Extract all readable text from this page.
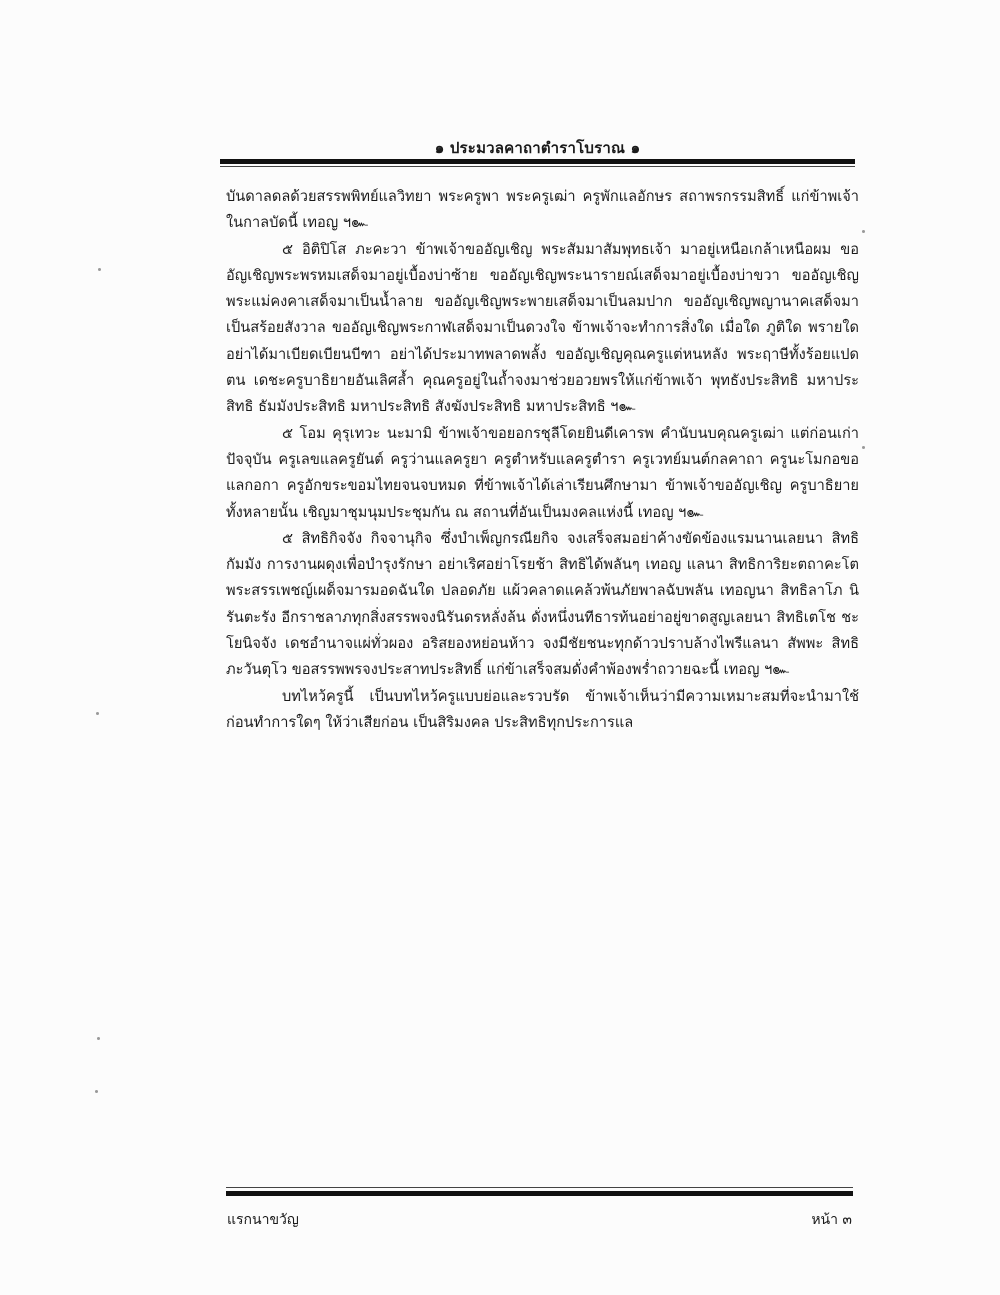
๑ ประมวลคาถาตำราโบราณ ๑

บันดาลดลด้วยสรรพพิทย์แลวิทยา พระครูพา พระครูเฒ่า ครูพักแลอักษร สถาพรกรรมสิทธิ์ แก่ข้าพเจ้าในกาลบัดนี้ เทอญ ฯ๛

๕ อิติปิโส ภะคะวา ข้าพเจ้าขออัญเชิญ พระสัมมาสัมพุทธเจ้า มาอยู่เหนือเกล้าเหนือผม ขออัญเชิญพระพรหมเสด็จมาอยู่เบื้องบ่าซ้าย ขออัญเชิญพระนารายณ์เสด็จมาอยู่เบื้องบ่าขวา ขออัญเชิญพระแม่คงคาเสด็จมาเป็นน้ำลาย ขออัญเชิญพระพายเสด็จมาเป็นลมปาก ขออัญเชิญพญานาคเสด็จมาเป็นสร้อยสังวาล ขออัญเชิญพระกาฬเสด็จมาเป็นดวงใจ ข้าพเจ้าจะทำการสิ่งใด เมื่อใด ภูติใด พรายใด อย่าได้มาเบียดเบียนบีฑา อย่าได้ประมาทพลาดพลั้ง ขออัญเชิญคุณครูแต่หนหลัง พระฤาษีทั้งร้อยแปดตน เดชะครูบาธิยายอันเลิศล้ำ คุณครูอยู่ในถ้ำจงมาช่วยอวยพรให้แก่ข้าพเจ้า พุทธังประสิทธิ มหาประสิทธิ ธัมมังประสิทธิ มหาประสิทธิ สังฆังประสิทธิ มหาประสิทธิ ฯ๛

๕ โอม คุรุเทวะ นะมามิ ข้าพเจ้าขอยอกรชุลีโดยยินดีเคารพ คำนับนบคุณครูเฒ่า แต่ก่อนเก่าปัจจุบัน ครูเลขแลครูยันต์ ครูว่านแลครูยา ครูตำหรับแลครูตำรา ครูเวทย์มนต์กลคาถา ครูนะโมกอขอแลกอกา ครูอักขระขอมไทยจนจบหมด ที่ข้าพเจ้าได้เล่าเรียนศึกษามา ข้าพเจ้าขออัญเชิญ ครูบาธิยายทั้งหลายนั้น เชิญมาชุมนุมประชุมกัน ณ สถานที่อันเป็นมงคลแห่งนี้ เทอญ ฯ๛

๕ สิทธิกิจจัง กิจจานุกิจ ซึ่งบำเพ็ญกรณียกิจ จงเสร็จสมอย่าค้างขัดข้องแรมนานเลยนา สิทธิกัมมัง การงานผดุงเพื่อบำรุงรักษา อย่าเริศอย่าโรยช้า สิทธิได้พลันๆ เทอญ แลนา สิทธิการิยะตถาคะโต พระสรรเพชญ์เผด็จมารมอดฉันใด ปลอดภัย แผ้วคลาดแคล้วพ้นภัยพาลฉับพลัน เทอญนา สิทธิลาโภ นิรันตะรัง อีกราชลาภทุกสิ่งสรรพจงนิรันดรหลั่งล้น ดั่งหนึ่งนทีธารท้นอย่าอยู่ขาดสูญเลยนา สิทธิเตโช ชะโยนิจจัง เดชอำนาจแผ่ทั่วผอง อริสยองหย่อนห้าว จงมีชัยชนะทุกด้าวปราบล้างไพรีแลนา สัพพะ สิทธิ ภะวันตุโว ขอสรรพพรจงประสาทประสิทธิ์ แก่ข้าเสร็จสมดั่งคำพ้องพร่ำถวายฉะนี้ เทอญ ฯ๛

บทไหว้ครูนี้ เป็นบทไหว้ครูแบบย่อและรวบรัด ข้าพเจ้าเห็นว่ามีความเหมาะสมที่จะนำมาใช้ก่อนทำการใดๆ ให้ว่าเสียก่อน เป็นสิริมงคล ประสิทธิทุกประการแล

แรกนาขวัญ	หน้า ๓
